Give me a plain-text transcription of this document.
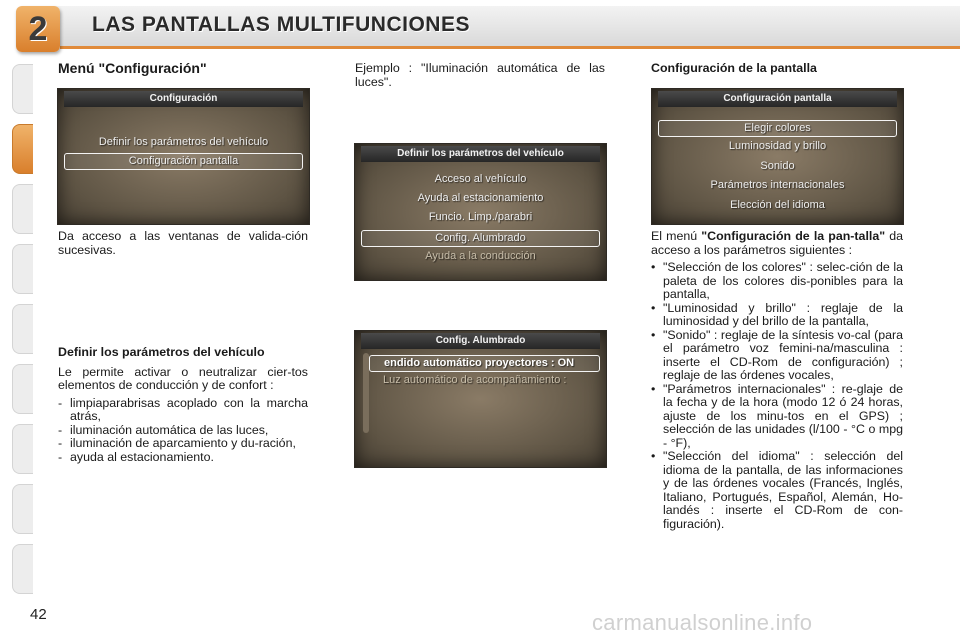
2	LAS PANTALLAS MULTIFUNCIONES

Menú "Configuración"

Configuración
Definir los parámetros del vehículo
Configuración pantalla

Da acceso a las ventanas de valida-ción sucesivas.

Definir los parámetros del vehículo

Le permite activar o neutralizar cier-tos elementos de conducción y de confort :

- limpiaparabrisas acoplado con la marcha atrás,
- iluminación automática de las luces,
- iluminación de aparcamiento y du-ración,
- ayuda al estacionamiento.

Ejemplo : "Iluminación automática de las luces".

Definir los parámetros del vehículo
Acceso al vehículo
Ayuda al estacionamiento
Funcio. Limp./parabri
Config. Alumbrado
Ayuda a la conducción
Config. Alumbrado
endido automático proyectores : ON
Luz automático de acompañamiento :

Configuración de la pantalla

Configuración pantalla
Elegir colores
Luminosidad y brillo
Sonido
Parámetros internacionales
Elección del idioma

El menú "Configuración de la pan-talla" da acceso a los parámetros siguientes :

• "Selección de los colores" : selec-ción de la paleta de los colores dis-ponibles para la pantalla,
• "Luminosidad y brillo" : reglaje de la luminosidad y del brillo de la pantalla,
• "Sonido" : reglaje de la síntesis vo-cal (para el parámetro voz femini-na/masculina : inserte el CD-Rom de configuración) ; reglaje de las órdenes vocales,
• "Parámetros internacionales" : re-glaje de la fecha y de la hora (modo 12 ó 24 horas, ajuste de los minu-tos en el GPS) ; selección de las unidades (l/100 - °C o mpg - °F),
• "Selección del idioma" : selección del idioma de la pantalla, de las informaciones y de las órdenes vocales (Francés, Inglés, Italiano, Portugués, Español, Alemán, Ho-landés : inserte el CD-Rom de con-figuración).
42	carmanualsonline.info
